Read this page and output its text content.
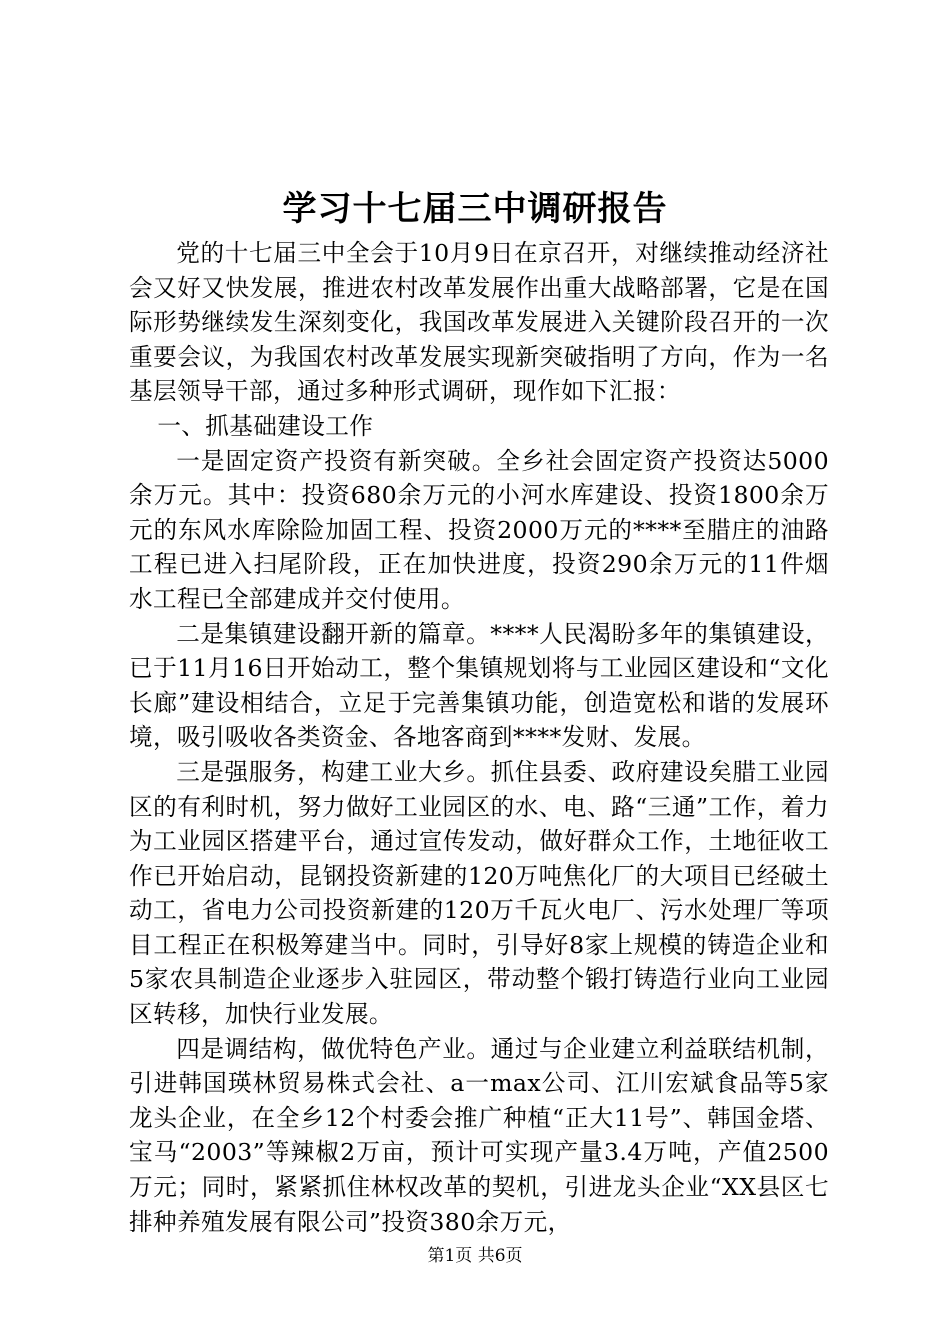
学习十七届三中调研报告

党的十七届三中全会于10月9日在京召开，对继续推动经济社会又好又快发展，推进农村改革发展作出重大战略部署，它是在国际形势继续发生深刻变化，我国改革发展进入关键阶段召开的一次重要会议，为我国农村改革发展实现新突破指明了方向，作为一名基层领导干部，通过多种形式调研，现作如下汇报：

一、抓基础建设工作

一是固定资产投资有新突破。全乡社会固定资产投资达5000余万元。其中：投资680余万元的小河水库建设、投资1800余万元的东风水库除险加固工程、投资2000万元的****至腊庄的油路工程已进入扫尾阶段，正在加快进度，投资290余万元的11件烟水工程已全部建成并交付使用。

二是集镇建设翻开新的篇章。****人民渴盼多年的集镇建设，已于11月16日开始动工，整个集镇规划将与工业园区建设和“文化长廊”建设相结合，立足于完善集镇功能，创造宽松和谐的发展环境，吸引吸收各类资金、各地客商到****发财、发展。

三是强服务，构建工业大乡。抓住县委、政府建设矣腊工业园区的有利时机，努力做好工业园区的水、电、路“三通”工作，着力为工业园区搭建平台，通过宣传发动，做好群众工作，土地征收工作已开始启动，昆钢投资新建的120万吨焦化厂的大项目已经破土动工，省电力公司投资新建的120万千瓦火电厂、污水处理厂等项目工程正在积极筹建当中。同时，引导好8家上规模的铸造企业和5家农具制造企业逐步入驻园区，带动整个锻打铸造行业向工业园区转移，加快行业发展。

四是调结构，做优特色产业。通过与企业建立利益联结机制，引进韩国瑛林贸易株式会社、a一max公司、江川宏斌食品等5家龙头企业，在全乡12个村委会推广种植“正大11号”、韩国金塔、宝马“2003”等辣椒2万亩，预计可实现产量3.4万吨，产值2500万元；同时，紧紧抓住林权改革的契机，引进龙头企业“XX县区七排种养殖发展有限公司”投资380余万元，

第1页 共6页
